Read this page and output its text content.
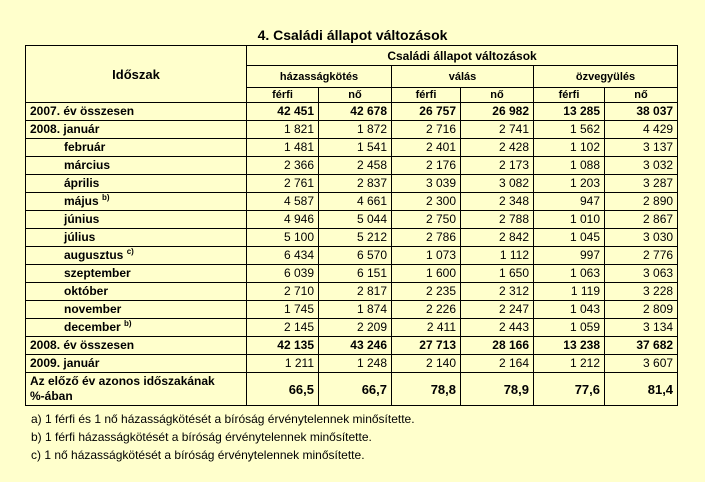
4. Családi állapot változások
Időszak	Családi állapot változások					
	házasságkötés		válás		özvegyülés	
	férfi	nő	férfi	nő	férfi	nő
2007. év összesen	42 451	42 678	26 757	26 982	13 285	38 037
2008. január	1 821	1 872	2 716	2 741	1 562	4 429
február	1 481	1 541	2 401	2 428	1 102	3 137
március	2 366	2 458	2 176	2 173	1 088	3 032
április	2 761	2 837	3 039	3 082	1 203	3 287
május $^{b)}$	4 587	4 661	2 300	2 348	947	2 890
június	4 946	5 044	2 750	2 788	1 010	2 867
július	5 100	5 212	2 786	2 842	1 045	3 030
augusztus $^{c)}$	6 434	6 570	1 073	1 112	997	2 776
szeptember	6 039	6 151	1 600	1 650	1 063	3 063
október	2 710	2 817	2 235	2 312	1 119	3 228
november	1 745	1 874	2 226	2 247	1 043	2 809
december $^{b)}$	2 145	2 209	2 411	2 443	1 059	3 134
2008. év összesen	42 135	43 246	27 713	28 166	13 238	37 682
2009. január	1 211	1 248	2 140	2 164	1 212	3 607

Az előző év azonos időszakának
%-ában	66,5	66,7	78,8	78,9	77,6	81,4
a) 1 férfi és 1 nő házasságkötését a bíróság érvénytelennek minősítette.
b) 1 férfi házasságkötését a bíróság érvénytelennek minősítette.
c) 1 nő házasságkötését a bíróság érvénytelennek minősítette.
